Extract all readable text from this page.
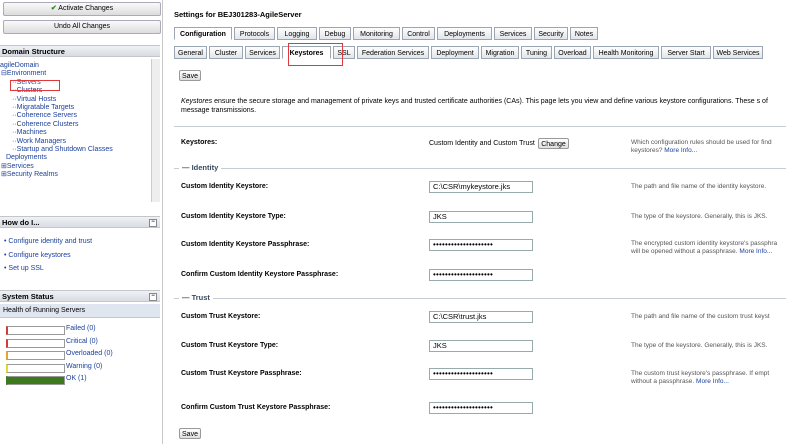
✔ Activate Changes
Undo All Changes
Domain Structure
agileDomain
⊟Environment
··Servers
··Clusters
··Virtual Hosts
··Migratable Targets
··Coherence Servers
··Coherence Clusters
··Machines
··Work Managers
··Startup and Shutdown Classes
Deployments
⊞Services
⊞Security Realms
How do I...	−
• Configure identity and trust
• Configure keystores
• Set up SSL
System Status	−
Health of Running Servers
Failed (0)
Critical (0)
Overloaded (0)
Warning (0)
OK (1)
Settings for BEJ301283-AgileServer
Configuration	Protocols	Logging	Debug	Monitoring	Control	Deployments	Services	Security	Notes
General	Cluster	Services	Keystores	SSL	Federation Services	Deployment	Migration	Tuning	Overload	Health Monitoring	Server Start	Web Services
Save
Keystores ensure the secure storage and management of private keys and trusted certificate authorities (CAs). This page lets you view and define various keystore configurations. These s of message transmissions.
Keystores:	Custom Identity and Custom Trust Change	Which configuration rules should be used for find
keystores? More Info...
— Identity
Custom Identity Keystore:	C:\CSR\mykeystore.jks	The path and file name of the identity keystore.
Custom Identity Keystore Type:	JKS	The type of the keystore. Generally, this is JKS.
Custom Identity Keystore Passphrase:	••••••••••••••••••••	The encrypted custom identity keystore's passphra
will be opened without a passphrase. More Info...
Confirm Custom Identity Keystore Passphrase:	••••••••••••••••••••
— Trust
Custom Trust Keystore:	C:\CSR\trust.jks	The path and file name of the custom trust keyst
Custom Trust Keystore Type:	JKS	The type of the keystore. Generally, this is JKS.
Custom Trust Keystore Passphrase:	••••••••••••••••••••	The custom trust keystore's passphrase. If empt
without a passphrase. More Info...
Confirm Custom Trust Keystore Passphrase:	••••••••••••••••••••
Save
